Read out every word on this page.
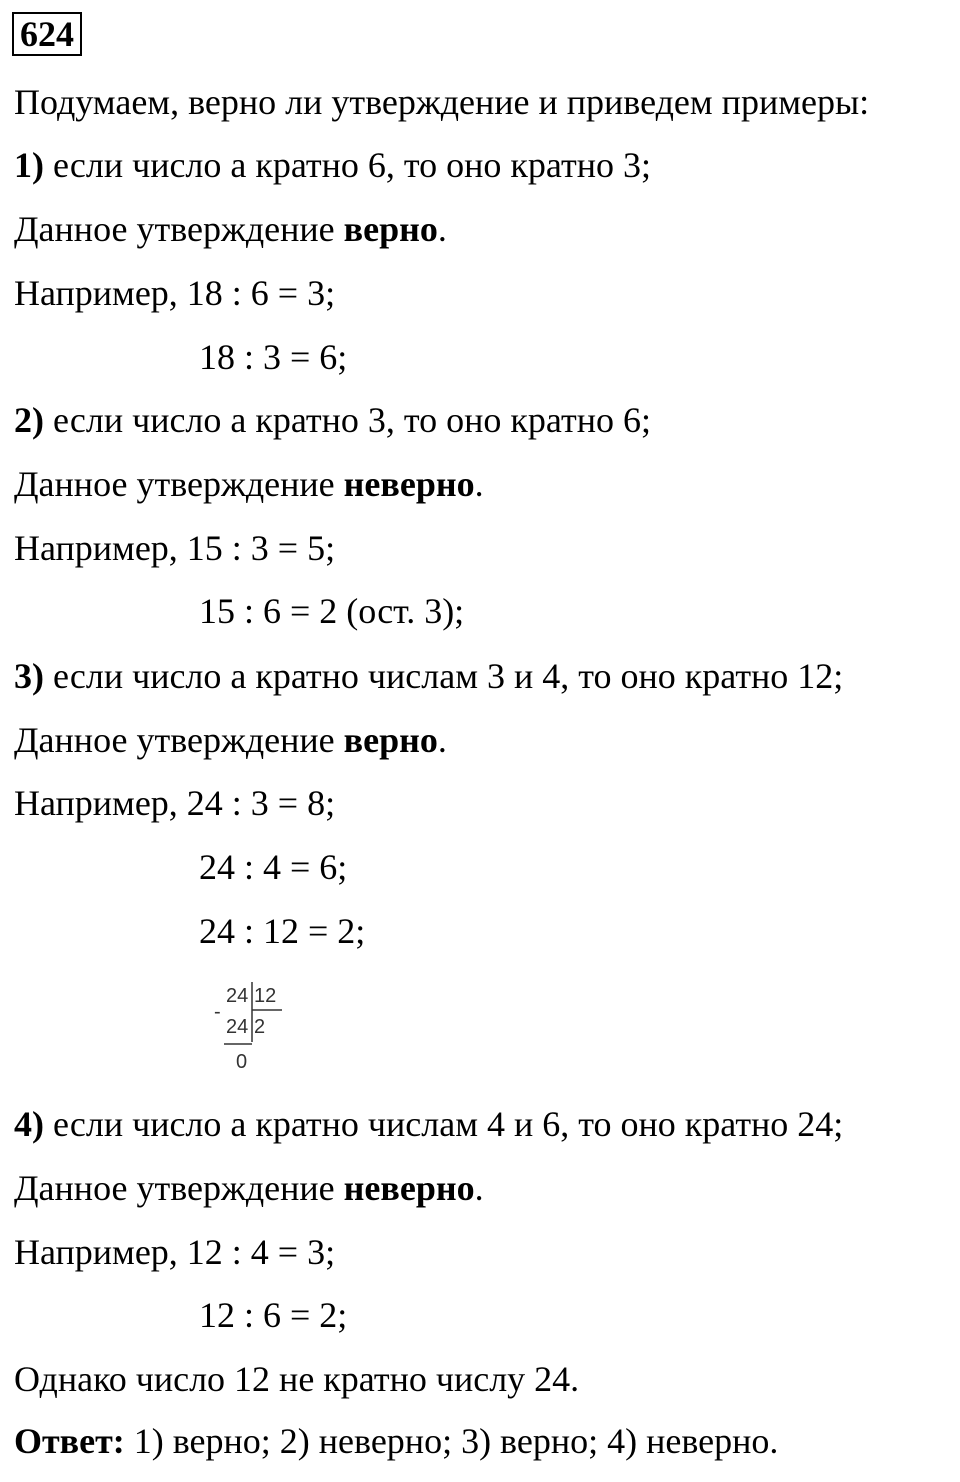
624
Подумаем, верно ли утверждение и приведем примеры:
1) если число а кратно 6, то оно кратно 3;
Данное утверждение верно.
Например, 18 : 6 = 3;
18 : 3 = 6;
2) если число а кратно 3, то оно кратно 6;
Данное утверждение неверно.
Например, 15 : 3 = 5;
15 : 6 = 2 (ост. 3);
3) если число а кратно числам 3 и 4, то оно кратно 12;
Данное утверждение верно.
Например, 24 : 3 = 8;
24 : 4 = 6;
24 : 12 = 2;
24 12
-
24 2
0
4) если число а кратно числам 4 и 6, то оно кратно 24;
Данное утверждение неверно.
Например, 12 : 4 = 3;
12 : 6 = 2;
Однако число 12 не кратно числу 24.
Ответ: 1) верно; 2) неверно; 3) верно; 4) неверно.
